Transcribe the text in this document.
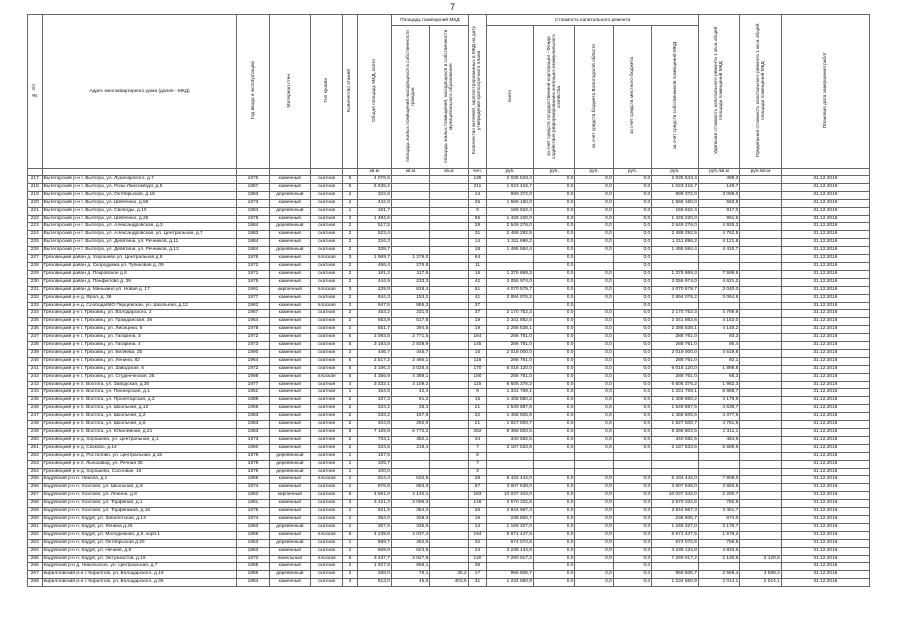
7
№ п/п	Адрес многоквартирного дома (далее - МКД)	Год ввода в эксплуатацию	Материал стен	Тип кровли	Количество этажей	Общая площадь МКД, всего	Площадь помещений МКД		Количество жителей, зарегистрированных в МКД на дату утверждения краткосрочного плана	Стоимость капитального ремонта					Удельная стоимость капитального ремонта 1 кв.м общей площади помещений МКД	Предельная стоимость капитального ремонта 1 кв.м общей площади помещений МКД	Плановая дата завершения работ
							площадь жилых помещений находящихся в собственности граждан	площадь жилых помещений, находящихся в собственности муниципального образования		всего	за счет средств государственной корпорации - Фонда содействия реформированию жилищно-коммунального хозяйства	за счет средств бюджета Вологодской области	за счет средств местного бюджета	за счет средств собственников помещений МКД			
						кв.м	кв.м	кв.м	чел.	руб.	руб.	руб.	руб.	руб.	руб./кв.м	руб./кв.м	
217	Вытегорский р-н г. Вытегра, ул. Луначарского, д.7	1976	каменный	скатная	5	4 076,5			136	2 035 543,4	0,0	0,0	0,0	2 035 543,4	499,3		31.12.2016
218	Вытегорский р-н г. Вытегра, ул. Розы Люксембург, д.9	1987	каменный	скатная	5	6 635,2			211	1 023 415,7	0,0	0,0	0,0	1 023 415,7	149,7		31.12.2016
219	Вытегорский р-н г. Вытегра, ул. Октябрьская, д.18	1983	деревянный	скатная	2	322,6			14	999 372,0	0,0	0,0	0,0	999 372,0	3 098,0		31.12.2016
220	Вытегорский р-н г. Вытегра, ул. Шевченко, д.59	1973	каменный	скатная	2	442,0			25	1 566 160,0	0,0	0,0	0,0	1 566 160,0	583,8		31.12.2016
221	Вытегорский р-н г. Вытегра, ул. Свободы, д.10	1984	деревянный	скатная	1	181,7			9	166 622,4	0,0	0,0	0,0	166 622,4	917,0		31.12.2016
222	Вытегорский р-н г. Вытегра, ул. Шевченко, д.26	1975	каменный	скатная	3	1 484,6			55	1 426 220,0	0,0	0,0	0,0	1 426 220,0	961,6		31.12.2016
223	Вытегорский р-н г. Вытегра, ул. Александровская, д.3	1984	деревянный	скатная	2	517,5			28	2 549 276,0	0,0	0,0	0,0	2 549 276,0	4 925,3		31.12.2016
224	Вытегорский р-н г. Вытегра, ул. Александровская, ул. Центральная, д.7	1983	каменный	скатная	2	523,4			31	2 488 292,5	0,0	0,0	0,0	2 488 292,5	4 762,5		31.12.2016
225	Вытегорский р-н г. Вытегра, ул. Девятина, ул. Речников, д.11	1984	каменный	скатная	2	316,3			14	1 311 896,2	0,0	0,0	0,0	1 311 896,2	4 121,8		31.12.2016
226	Вытегорский р-н г. Вытегра, ул. Девятина, ул. Речников, д.13	1984	деревянный	скатная	2	338,7			18	1 495 584,4	0,0	0,0	0,0	1 495 584,4	4 415,7		31.12.2016
227	Грязовецкий район д. Хорошево ул. Центральная д.8	1978	каменный	плоская	3	1 569,7	1 276,0		64		0,0		0,0				31.12.2016
228	Грязовецкий район д. Скородумка ул. Тупиковая д. 09	1972	каменный	скатная	2	466,4	276,8		11		0,0		0,0				31.12.2016
229	Грязовецкий район д. Покровское д.6	1971	каменный	скатная	2	181,2	117,6		16	1 376 869,3	0,0	0,0	0,0	1 376 869,3	7 598,6		31.12.2016
230	Грязовецкий район д. Панфилово д. 38	1975	каменный	скатная	2	444,9	233,3		42	2 055 974,0	0,0	0,0	0,0	2 055 974,0	4 621,2		31.12.2016
231	Грязовецкий район д. Минькино ул. Новая д. 17	1991	кирпичный	плоская	3	229,9	818,4		51	4 070 579,7	0,0	0,0	0,0	4 070 579,7	3 040,0		31.12.2016
232	Грязовецкий р-н д. Фрол, д. 36	1977	каменный	скатная	2	944,3	153,2		41	2 894 076,2	0,0	0,0	0,0	2 894 076,2	3 064,8		31.12.2016
233	Грязовецкий р-н д. Слобода/МО Перцевское, ул. Школьная, д.12	1982	каменный	плоская	2	947,5	865,3		37		0,0		0,0				31.12.2016
234	Грязовецкий р-н г. Грязовец, ул. Володарского, 2	1967	каменный	скатная	2	453,2	231,0		37	2 170 752,3	0,0	0,0	0,0	2 170 752,3	4 789,9		31.12.2016
235	Грязовецкий р-н г. Грязовец, ул. Гражданская, 26	1954	каменный	скатная	2	563,9	517,8		19	2 341 862,6	0,0	0,0	0,0	2 341 862,6	4 153,0		31.12.2016
236	Грязовецкий р-н г. Грязовец, ул. Лисицина, 5	1978	каменный	скатная	2	551,7	394,5		19	2 288 538,1	0,0	0,0	0,0	2 288 538,1	4 148,2		31.12.2016
237	Грязовецкий р-н г. Грязовец, ул. Гагарина, 3	1972	каменный	скатная	5	3 093,8	2 771,5		164	288 761,0	0,0	0,0	0,0	288 761,0	93,3		31.12.2016
238	Грязовецкий р-н г. Грязовец, ул. Гагарина, 4	1973	каменный	скатная	5	3 193,8	2 838,9		145	288 761,0	0,0	0,0	0,0	288 761,0	90,4		31.12.2016
239	Грязовецкий р-н г. Грязовец, ул. Беляева, 25	1990	каменный	скатная	2	446,7	446,7		16	2 019 000,0	0,0	0,0	0,0	2 019 000,0	4 519,8		31.12.2016
240	Грязовецкий р-н г. Грязовец, ул. Ленина, 82	1964	каменный	скатная	5	2 517,2	2 466,1		116	288 761,0	0,0	0,0	0,0	288 761,0	92,1		31.12.2016
241	Грязовецкий р-н г. Грязовец, ул. Заводская, 6	1972	каменный	скатная	5	3 166,3	3 028,4		170	6 016 120,0	0,0	0,0	0,0	6 016 120,0	1 898,8		31.12.2016
242	Грязовецкий р-н г. Грязовец, ул. Студенческая, 25	1998	каменный	плоская	5	4 356,9	4 388,1		190	288 761,0	0,0	0,0	0,0	288 761,0	66,3		31.12.2016
243	Грязовецкий р-н п. Вохтога, ул. Заводская, д.30	1977	каменный	скатная	4	3 332,1	3 109,2		115	6 605 376,2	0,0	0,0	0,0	6 605 376,2	1 982,3		31.12.2016
244	Грязовецкий р-н п. Вохтога, ул. Пионерская, д.1	1952	каменный	скатная	1	164,5	42,4		9	1 331 769,1	0,0	0,0	0,0	1 331 769,1	8 869,7		31.12.2016
245	Грязовецкий р-н п. Вохтога, ул. Пролетарская, д.3	1988	каменный	скатная	2	337,3	91,2		15	1 408 860,2	0,0	0,0	0,0	1 408 860,2	4 176,9		31.12.2016
246	Грязовецкий р-н п. Вохтога, ул. Школьная, д.12	1965	каменный	скатная	2	334,2	38,3		21	1 549 887,6	0,0	0,0	0,0	1 549 887,6	4 639,7		31.12.2016
247	Грязовецкий р-н п. Вохтога, ул. Школьная, д.2	1983	каменный	скатная	2	333,2	167,8		22	1 458 605,6	0,0	0,0	0,0	1 458 605,6	4 377,6		31.12.2016
248	Грязовецкий р-н п. Вохтога, ул. Школьная, д.6	1983	каменный	скатная	2	404,8	292,0		21	1 927 500,7	0,0	0,0	0,0	1 927 500,7	4 761,6		31.12.2016
249	Грязовецкий р-н п. Вохтога, ул. Юбилейная, д.21	1983	каменный	скатная	5	7 169,8	6 772,2		262	9 398 803,5	0,0	0,0	0,0	9 398 803,5	1 311,1		31.12.2016
250	Грязовецкий р-н д. Хорошево, ул. Центральная, д.1	1973	каменный	скатная	2	733,1	482,1		34	340 582,5	0,0	0,0	0,0	340 582,5	464,6		31.12.2016
251	Грязовецкий р-н д. Скоково, д.14	1960	каменный	скатная	2	334,5	218,4		7	2 187 533,6	0,0	0,0	0,0	2 187 533,6	6 589,6		31.12.2016
252	Грязовецкий р-н д. Ростилово, ул. Центральная, д.16	1978	деревянный	скатная	1	157,6			8								31.12.2016
253	Грязовецкий р-н п. Льнозавод, ул. Речная 35	1978	деревянный	скатная	1	105,7			7								31.12.2016
254	Грязовецкий р-н д. Хорошево, Сосновая, 16	1979	деревянный	скатная	1	100,0			3								31.12.2016
255	Кадуйский р-н п. Никола, д.1	1988	каменный	плоская	2	824,4	532,5		28	6 434 442,0	0,0	0,0	0,0	6 434 442,0	7 809,0		31.12.2016
256	Кадуйский р-н п. Хохлово, ул. Школьная, д.8	1974	каменный	скатная	2	976,6	893,0		57	3 607 638,0	0,0	0,0	0,0	3 607 638,0	3 693,5		31.12.2016
257	Кадуйский р-н п. Хохлово, ул. Ленина, д.8	1982	кирпичный	скатная	5	4 561,0	4 140,1		183	10 037 343,0	0,0	0,0	0,0	10 037 343,0	2 200,7		31.12.2016
258	Кадуйский р-н п. Хохлово, ул. Торфяная, д.1	1981	каменный	скатная	3	3 421,3	3 096,3		148	2 570 332,6	0,0	0,0	0,0	2 570 332,6	750,8		31.12.2016
259	Кадуйский р-н п. Хохлово, ул. Торфяников, д.15	1975	каменный	скатная	2	821,5	354,2		26	2 844 967,3	0,0	0,0	0,0	2 844 967,3	3 451,7		31.12.2016
260	Кадуйский р-н п. Кадуй, ул. Заболотская, д.13	1974	каменный	скатная	2	354,0	328,3		19	238 600,7	0,0	0,0	0,0	238 600,7	674,0		31.12.2016
261	Кадуйский р-н п. Кадуй, ул. Ленина д.25	1983	деревянный	скатная	2	367,6	336,6		14	1 169 327,0	0,0	0,0	0,0	1 169 327,0	3 176,7		31.12.2016
262	Кадуйский р-н п. Кадуй, ул. Молодежная, д.6, корп.1	1988	каменный	плоская	5	4 239,6	4 037,2		194	6 671 447,5	0,0	0,0	0,0	6 671 447,5	1 578,2		31.12.2016
263	Кадуйский р-н п. Кадуй, ул. Октябрьская д.20	1953	деревянный	скатная	1	889,7	462,6		32	674 072,6	0,0	0,0	0,0	674 072,6	758,5		31.12.2016
264	Кадуйский р-н п. Кадуй, ул. Нечаев, д.9	1963	каменный	скатная	2	669,9	623,8		24	3 238 134,8	0,0	0,0	0,0	3 238 134,8	4 833,6		31.12.2016
265	Кадуйский р-н п. Кадуй, ул. Энтузиастов, д.16	1972	панельный	плоская	5	3 437,7	3 027,8		120	7 290 017,2	0,0	0,0	0,0	7 290 017,2	2 120,6	2 120,6	31.12.2016
266	Кадуйский р-н д. Никольское, ул. Центральная, д.7	1985	каменный	скатная	2	1 927,8	958,1		36		0,0		0,0				31.12.2016
267	Кирилловский р-н г. Кириллов, ул. Володарского, д.19	1966	деревянный	скатная	2	268,0	78,1	35,2	17	956 605,7	0,0	0,0	0,0	956 605,7	3 569,4	3 569,4	31.12.2016
268	Кирилловский р-н г. Кириллов, ул. Володарского, д.36	1984	каменный	скатная	3	613,0	45,0	403,6	31	1 234 660,9	0,0	0,0	0,0	1 234 660,9	2 014,1	2 014,1	31.12.2016
